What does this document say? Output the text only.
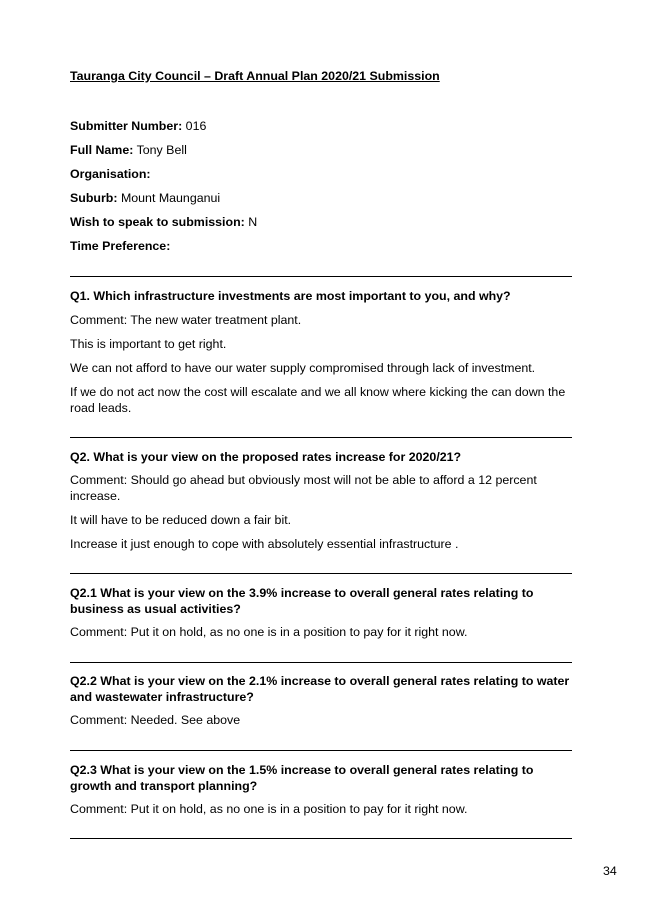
Tauranga City Council – Draft Annual Plan 2020/21 Submission
Submitter Number: 016
Full Name: Tony Bell
Organisation:
Suburb: Mount Maunganui
Wish to speak to submission: N
Time Preference:
Q1. Which infrastructure investments are most important to you, and why?
Comment: The new water treatment plant.
This is important to get right.
We can not afford to have our water supply compromised through lack of investment.
If we do not act now the cost will escalate and we all know where kicking the can down the road leads.
Q2. What is your view on the proposed rates increase for 2020/21?
Comment: Should go ahead but obviously most will not be able to afford a 12 percent increase.
It will have to be reduced down a fair bit.
Increase it just enough to cope with absolutely essential infrastructure .
Q2.1 What is your view on the 3.9% increase to overall general rates relating to business as usual activities?
Comment: Put it on hold, as no one is in a position to pay for it right now.
Q2.2 What is your view on the 2.1% increase to overall general rates relating to water and wastewater infrastructure?
Comment: Needed. See above
Q2.3 What is your view on the 1.5% increase to overall general rates relating to growth and transport planning?
Comment: Put it on hold, as no one is in a position to pay for it right now.
34
